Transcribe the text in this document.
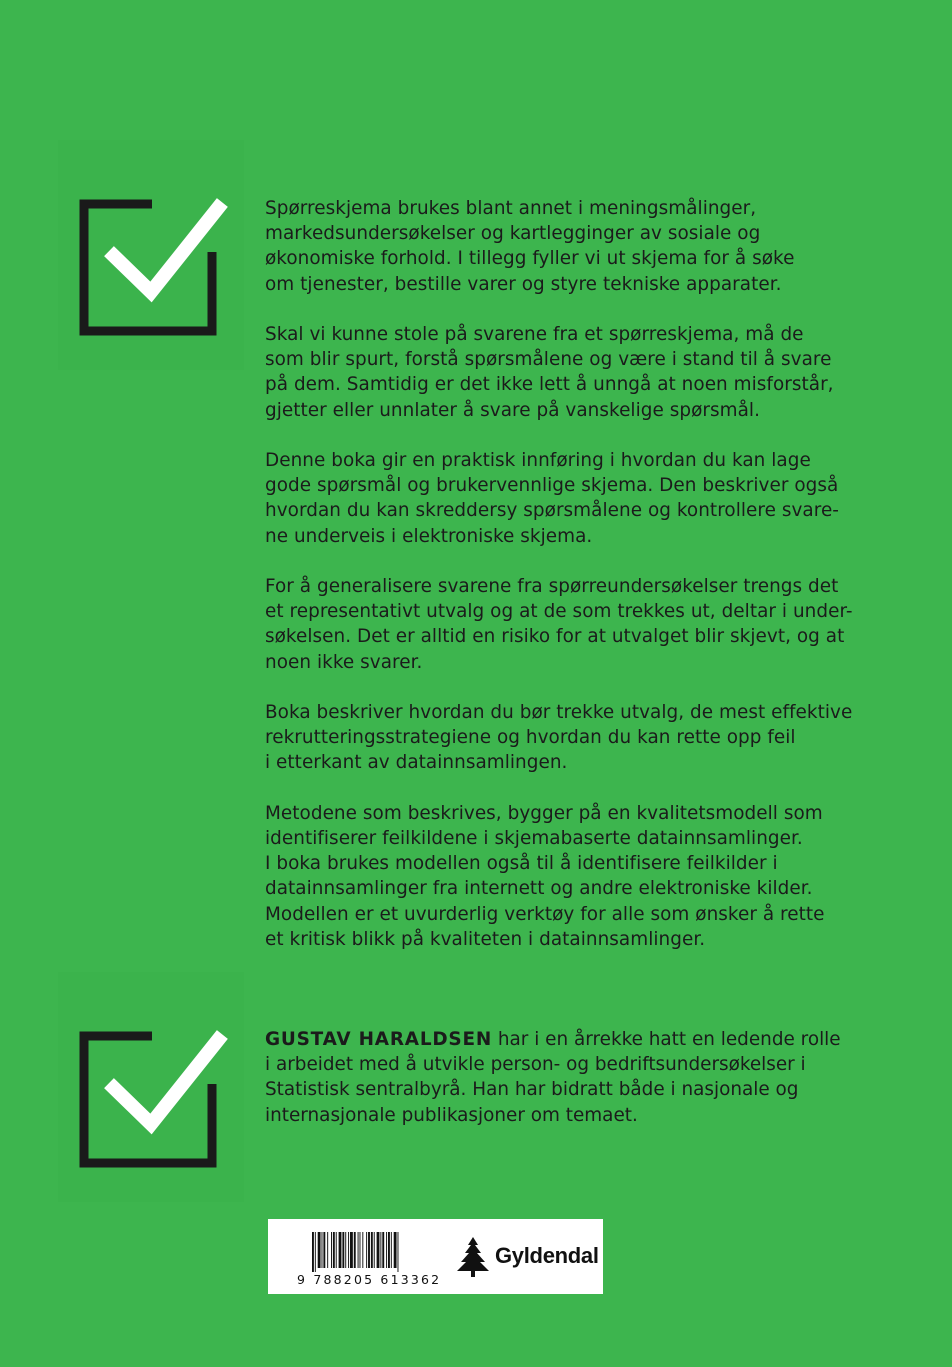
Spørreskjema brukes blant annet i meningsmålinger,
markedsundersøkelser og kartlegginger av sosiale og
økonomiske forhold. I tillegg fyller vi ut skjema for å søke
om tjenester, bestille varer og styre tekniske apparater.

Skal vi kunne stole på svarene fra et spørreskjema, må de
som blir spurt, forstå spørsmålene og være i stand til å svare
på dem. Samtidig er det ikke lett å unngå at noen misforstår,
gjetter eller unnlater å svare på vanskelige spørsmål.

Denne boka gir en praktisk innføring i hvordan du kan lage
gode spørsmål og brukervennlige skjema. Den beskriver også
hvordan du kan skreddersy spørsmålene og kontrollere svare-
ne underveis i elektroniske skjema.

For å generalisere svarene fra spørreundersøkelser trengs det
et representativt utvalg og at de som trekkes ut, deltar i under-
søkelsen. Det er alltid en risiko for at utvalget blir skjevt, og at
noen ikke svarer.

Boka beskriver hvordan du bør trekke utvalg, de mest effektive
rekrutteringsstrategiene og hvordan du kan rette opp feil
i etterkant av datainnsamlingen.

Metodene som beskrives, bygger på en kvalitetsmodell som
identifiserer feilkildene i skjemabaserte datainnsamlinger.
I boka brukes modellen også til å identifisere feilkilder i
datainnsamlinger fra internett og andre elektroniske kilder.
Modellen er et uvurderlig verktøy for alle som ønsker å rette
et kritisk blikk på kvaliteten i datainnsamlinger.

GUSTAV HARALDSEN har i en årrekke hatt en ledende rolle
i arbeidet med å utvikle person- og bedriftsundersøkelser i
Statistisk sentralbyrå. Han har bidratt både i nasjonale og
internasjonale publikasjoner om temaet.
9 788205 613362
Gyldendal
